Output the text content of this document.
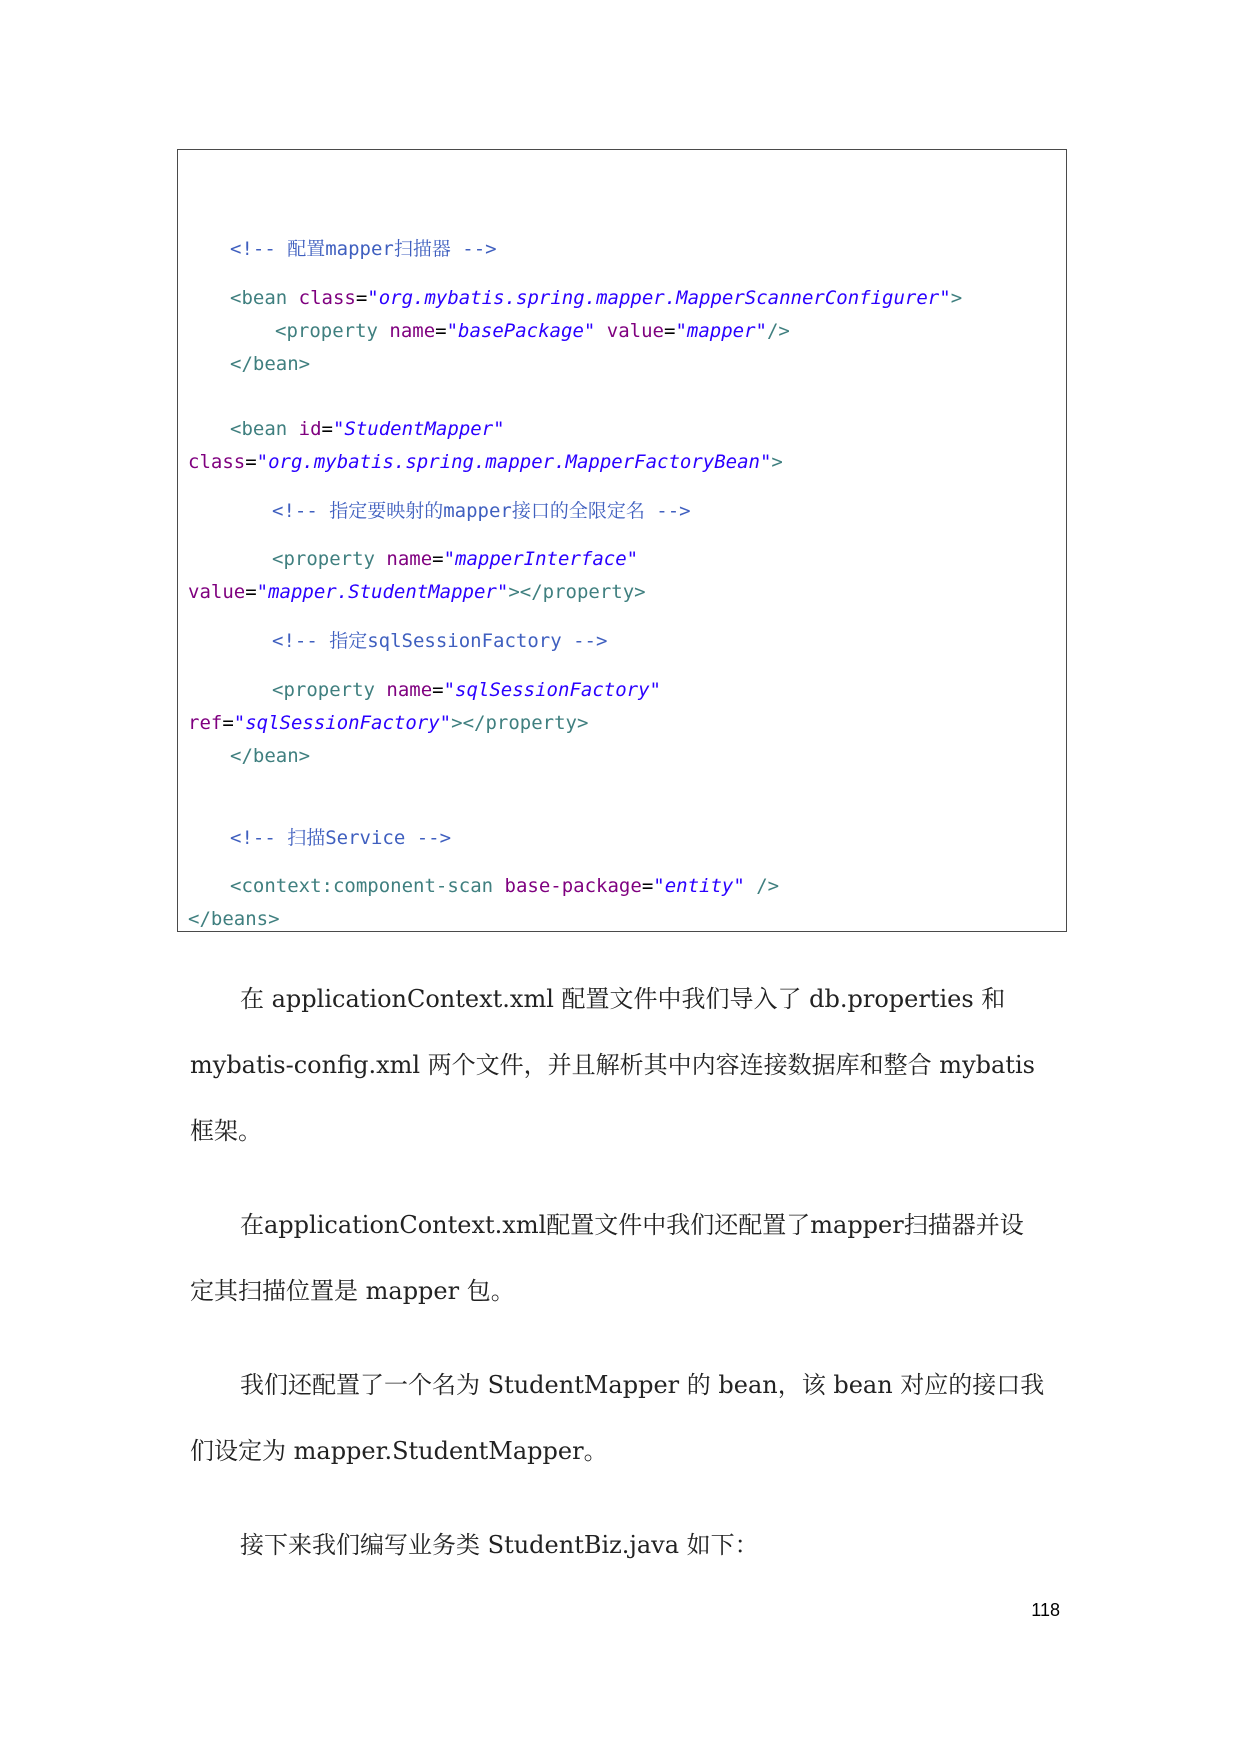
<!-- 配置mapper扫描器 -->
<bean class="org.mybatis.spring.mapper.MapperScannerConfigurer">
<property name="basePackage" value="mapper"/>
</bean>
<bean id="StudentMapper"
class="org.mybatis.spring.mapper.MapperFactoryBean">
<!-- 指定要映射的mapper接口的全限定名 -->
<property name="mapperInterface"
value="mapper.StudentMapper"></property>
<!-- 指定sqlSessionFactory -->
<property name="sqlSessionFactory"
ref="sqlSessionFactory"></property>
</bean>
<!-- 扫描Service -->
<context:component-scan base-package="entity" />
</beans>
在 applicationContext.xml 配置文件中我们导入了 db.properties 和
mybatis-config.xml 两个文件，并且解析其中内容连接数据库和整合 mybatis
框架。
在applicationContext.xml配置文件中我们还配置了mapper扫描器并设
定其扫描位置是 mapper 包。
我们还配置了一个名为 StudentMapper 的 bean，该 bean 对应的接口我
们设定为 mapper.StudentMapper。
接下来我们编写业务类 StudentBiz.java 如下：
118
